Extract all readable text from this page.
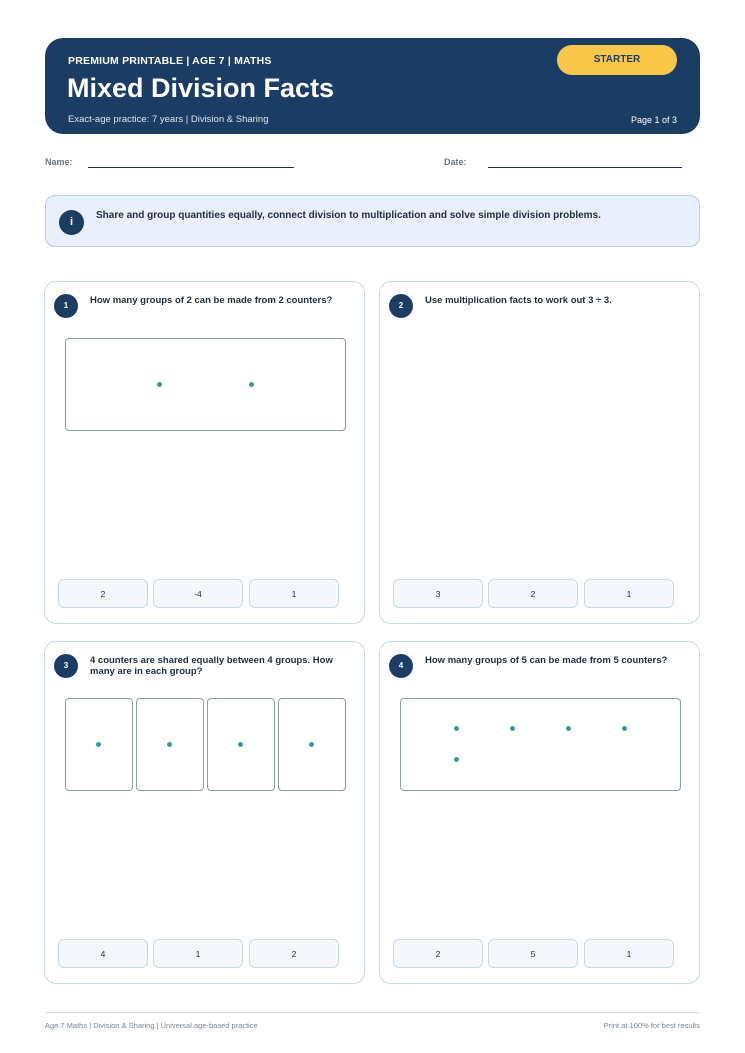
PREMIUM PRINTABLE | AGE 7 | MATHS
Mixed Division Facts
Exact-age practice: 7 years | Division & Sharing
STARTER
Page 1 of 3
Name:	Date:
i
Share and group quantities equally, connect division to multiplication and solve simple division problems.
1	How many groups of 2 can be made from 2 counters?
2	-4	1
2	Use multiplication facts to work out 3 ÷ 3.
3	2	1
3	4 counters are shared equally between 4 groups. How many are in each group?
4	1	2
4	How many groups of 5 can be made from 5 counters?
2	5	1
Age 7 Maths | Division & Sharing | Universal age-based practice	Print at 100% for best results
